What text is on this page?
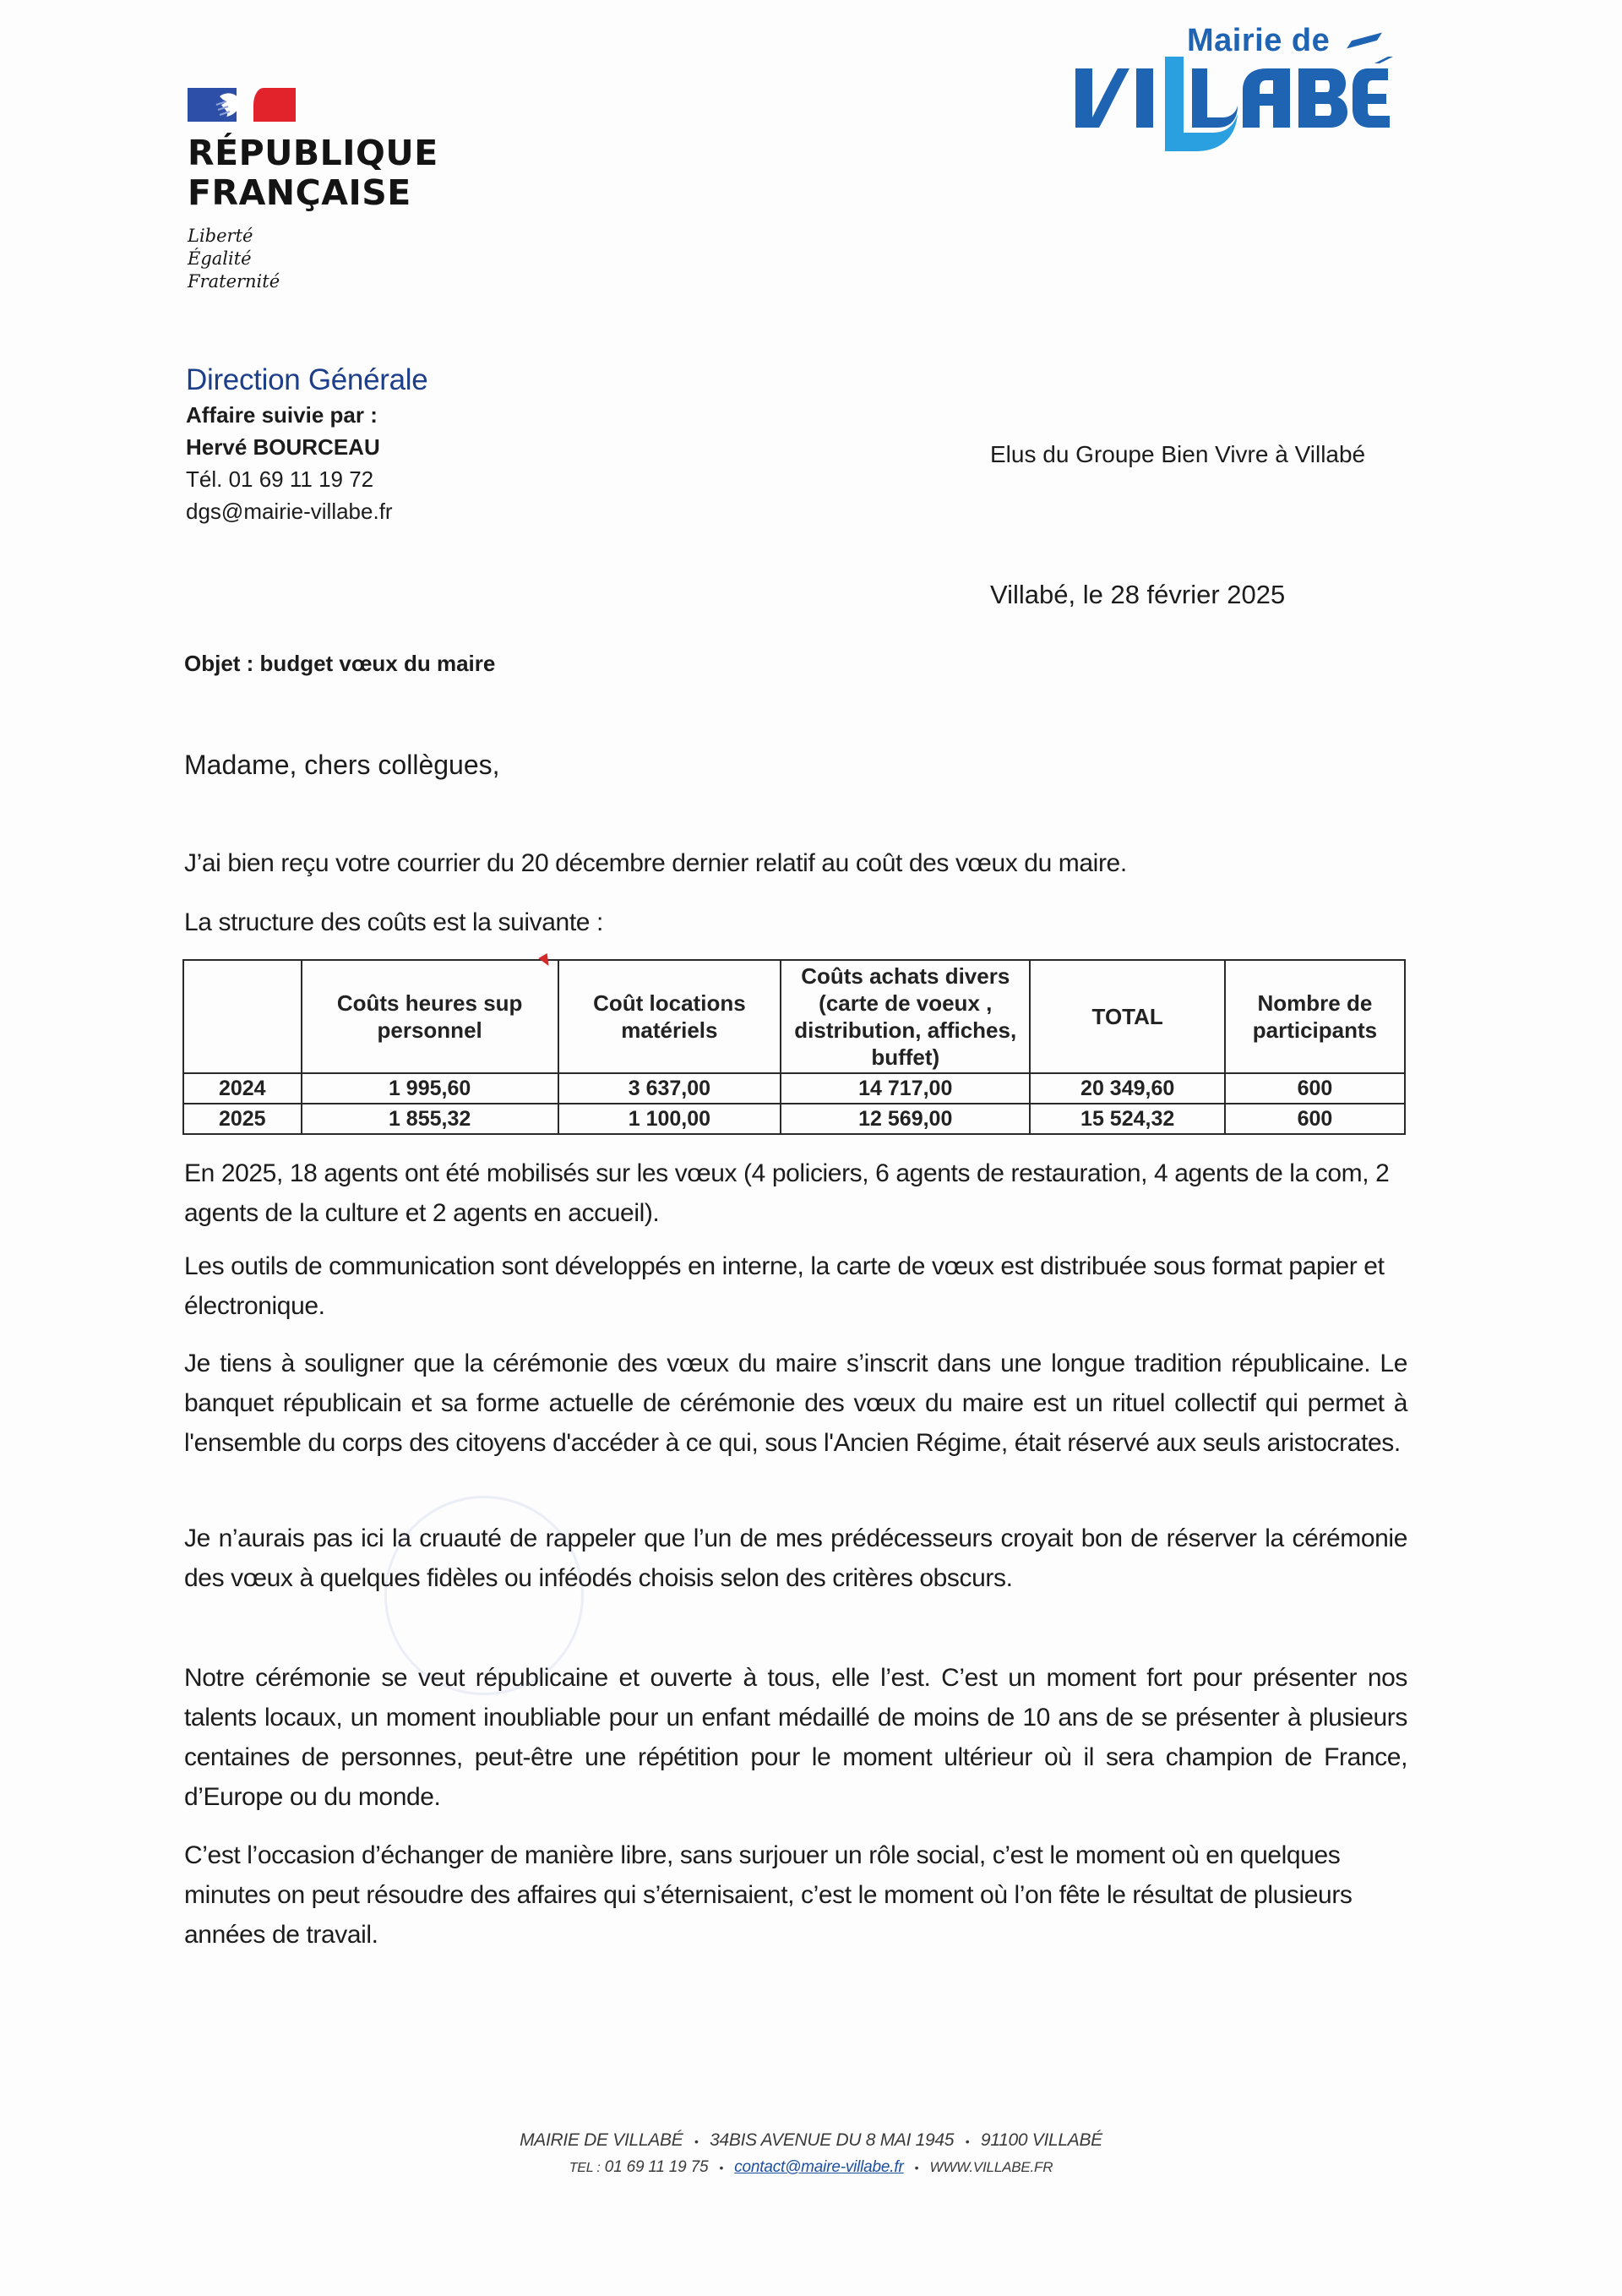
RÉPUBLIQUE
FRANÇAISE
Liberté
Égalité
Fraternité
Mairie de
Direction Générale
Affaire suivie par :
Hervé BOURCEAU
Tél. 01 69 11 19 72
dgs@mairie-villabe.fr
Elus du Groupe Bien Vivre à Villabé
Villabé, le 28 février 2025
Objet : budget vœux du maire
Madame, chers collègues,
J’ai bien reçu votre courrier du 20 décembre dernier relatif au coût des vœux du maire.
La structure des coûts est la suivante :
	Coûts heures sup personnel	Coût locations matériels	Coûts achats divers (carte de voeux , distribution, affiches, buffet)	TOTAL	Nombre de participants
2024	1 995,60	3 637,00	14 717,00	20 349,60	600
2025	1 855,32	1 100,00	12 569,00	15 524,32	600
En 2025, 18 agents ont été mobilisés sur les vœux (4 policiers, 6 agents de restauration, 4 agents de la com, 2 agents de la culture et 2 agents en accueil).
Les outils de communication sont développés en interne, la carte de vœux est distribuée sous format papier et électronique.
Je tiens à souligner que la cérémonie des vœux du maire s’inscrit dans une longue tradition républicaine. Le banquet républicain et sa forme actuelle de cérémonie des vœux du maire est un rituel collectif qui permet à l'ensemble du corps des citoyens d'accéder à ce qui, sous l'Ancien Régime, était réservé aux seuls aristocrates.
Je n’aurais pas ici la cruauté de rappeler que l’un de mes prédécesseurs croyait bon de réserver la cérémonie des vœux à quelques fidèles ou inféodés choisis selon des critères obscurs.
Notre cérémonie se veut républicaine et ouverte à tous, elle l’est. C’est un moment fort pour présenter nos talents locaux, un moment inoubliable pour un enfant médaillé de moins de 10 ans de se présenter à plusieurs centaines de personnes, peut-être une répétition pour le moment ultérieur où il sera champion de France, d’Europe ou du monde.
C’est l’occasion d’échanger de manière libre, sans surjouer un rôle social, c’est le moment où en quelques minutes on peut résoudre des affaires qui s’éternisaient, c’est le moment où l’on fête le résultat de plusieurs années de travail.
MAIRIE DE VILLABÉ • 34BIS AVENUE DU 8 MAI 1945 • 91100 VILLABÉ
TEL : 01 69 11 19 75 • contact@maire-villabe.fr • WWW.VILLABE.FR
